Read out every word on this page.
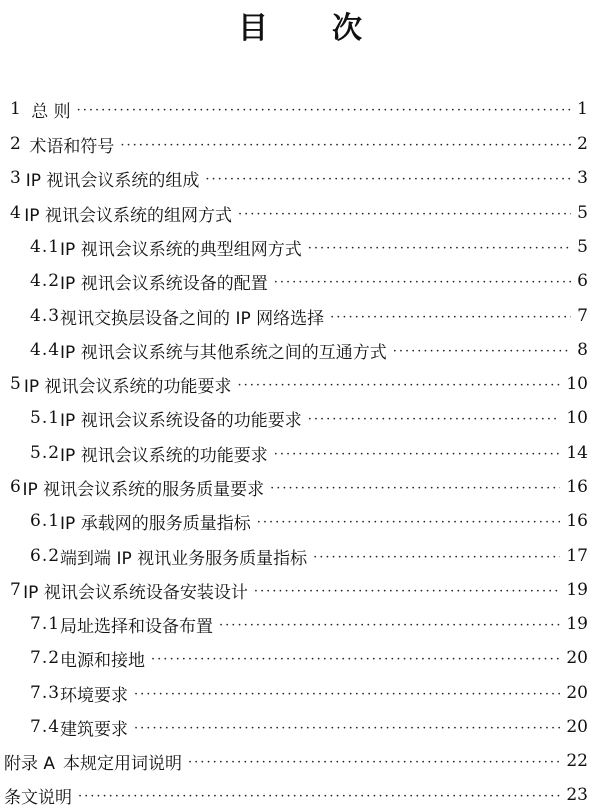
目 次
1 总 则 ·····	1
2 术语和符号 ·····	2
3 IP 视讯会议系统的组成 ·····	3
4 IP 视讯会议系统的组网方式 ·····	5
4.1 IP 视讯会议系统的典型组网方式 ·····	5
4.2 IP 视讯会议系统设备的配置 ·····	6
4.3 视讯交换层设备之间的 IP 网络选择 ·····	7
4.4 IP 视讯会议系统与其他系统之间的互通方式 ·····	8
5 IP 视讯会议系统的功能要求 ·····	10
5.1 IP 视讯会议系统设备的功能要求 ·····	10
5.2 IP 视讯会议系统的功能要求 ·····	14
6 IP 视讯会议系统的服务质量要求 ·····	16
6.1 IP 承载网的服务质量指标 ·····	16
6.2 端到端 IP 视讯业务服务质量指标 ·····	17
7 IP 视讯会议系统设备安装设计 ·····	19
7.1 局址选择和设备布置 ·····	19
7.2 电源和接地 ·····	20
7.3 环境要求 ·····	20
7.4 建筑要求 ·····	20
附录 A 本规定用词说明 ·····	22
条文说明 ·····	23
